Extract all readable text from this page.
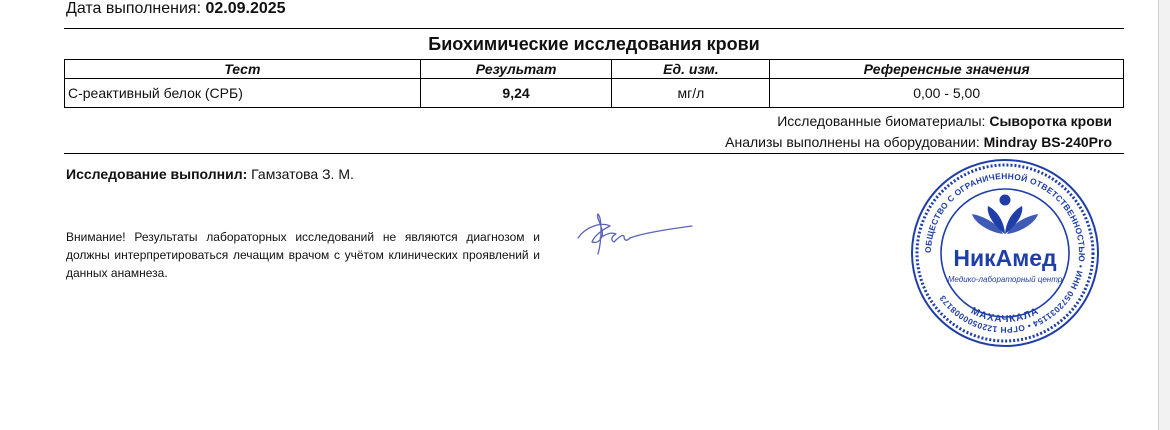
Дата выполнения: 02.09.2025
Биохимические исследования крови
Тест	Результат	Ед. изм.	Референсные значения
С-реактивный белок (СРБ)	9,24	мг/л	0,00 - 5,00
Исследованные биоматериалы: Сыворотка крови
Анализы выполнены на оборудовании: Mindray BS-240Pro
Исследование выполнил: Гамзатова З. М.
Внимание! Результаты лабораторных исследований не являются диагнозом и должны интерпретироваться лечащим врачом с учётом клинических проявлений и данных анамнеза.
ОБЩЕСТВО С ОГРАНИЧЕННОЙ ОТВЕТСТВЕННОСТЬЮ • ИНН 0572031154 • ОГРН 1220500008173
МАХАЧКАЛА
НикАмед
Медико-лабораторный центр
